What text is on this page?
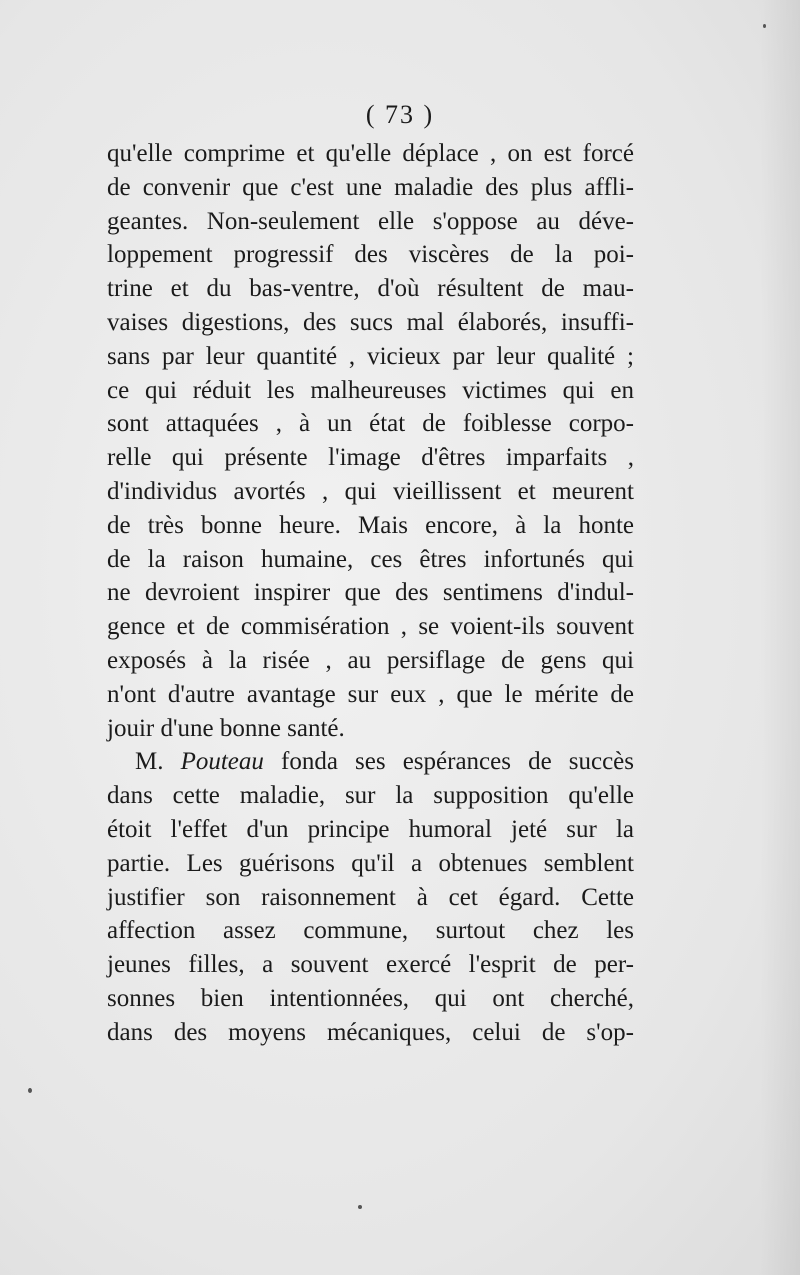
( 73 )
qu'elle comprime et qu'elle déplace , on est forcé
de convenir que c'est une maladie des plus affli-
geantes. Non-seulement elle s'oppose au déve-
loppement progressif des viscères de la poi-
trine et du bas-ventre, d'où résultent de mau-
vaises digestions, des sucs mal élaborés, insuffi-
sans par leur quantité , vicieux par leur qualité ;
ce qui réduit les malheureuses victimes qui en
sont attaquées , à un état de foiblesse corpo-
relle qui présente l'image d'êtres imparfaits ,
d'individus avortés , qui vieillissent et meurent
de très bonne heure. Mais encore, à la honte
de la raison humaine, ces êtres infortunés qui
ne devroient inspirer que des sentimens d'indul-
gence et de commisération , se voient-ils souvent
exposés à la risée , au persiflage de gens qui
n'ont d'autre avantage sur eux , que le mérite de
jouir d'une bonne santé.
M. Pouteau fonda ses espérances de succès
dans cette maladie, sur la supposition qu'elle
étoit l'effet d'un principe humoral jeté sur la
partie. Les guérisons qu'il a obtenues semblent
justifier son raisonnement à cet égard. Cette
affection assez commune, surtout chez les
jeunes filles, a souvent exercé l'esprit de per-
sonnes bien intentionnées, qui ont cherché,
dans des moyens mécaniques, celui de s'op-
